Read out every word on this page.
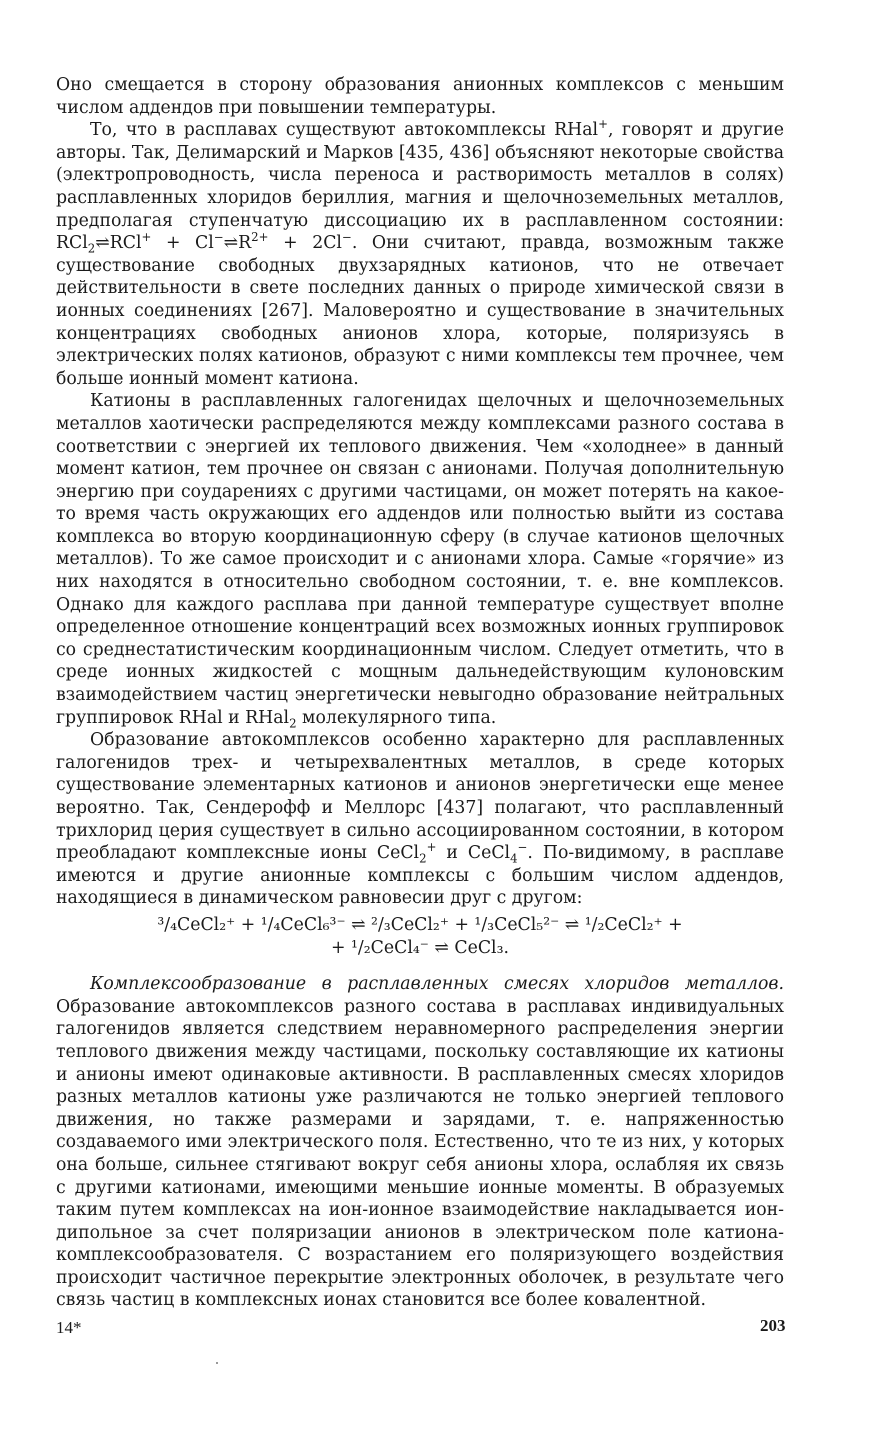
Оно смещается в сторону образования анионных комплексов с меньшим числом аддендов при повышении температуры.

То, что в расплавах существуют автокомплексы RHal+, говорят и другие авторы. Так, Делимарский и Марков [435, 436] объясняют некоторые свойства (электропроводность, числа переноса и растворимость металлов в солях) расплавленных хлоридов бериллия, магния и щелочноземельных металлов, предполагая ступенчатую диссоциацию их в расплавленном состоянии: RCl$_2$⇌RCl+ + $Cl^-\rightleftharpoons R^{2+} + 2Cl^-$. Они считают, правда, возможным также существование свободных двухзарядных катионов, что не отвечает действительности в свете последних данных о природе химической связи в ионных соединениях [267]. Маловероятно и существование в значительных концентрациях свободных анионов хлора, которые, поляризуясь в электрических полях катионов, образуют с ними комплексы тем прочнее, чем больше ионный момент катиона.

Катионы в расплавленных галогенидах щелочных и щелочноземельных металлов хаотически распределяются между комплексами разного состава в соответствии с энергией их теплового движения. Чем «холоднее» в данный момент катион, тем прочнее он связан с анионами. Получая дополнительную энергию при соударениях с другими частицами, он может потерять на какое-то время часть окружающих его аддендов или полностью выйти из состава комплекса во вторую координационную сферу (в случае катионов щелочных металлов). То же самое происходит и с анионами хлора. Самые «горячие» из них находятся в относительно свободном состоянии, т. е. вне комплексов. Однако для каждого расплава при данной температуре существует вполне определенное отношение концентраций всех возможных ионных группировок со среднестатистическим координационным числом. Следует отметить, что в среде ионных жидкостей с мощным дальнедействующим кулоновским взаимодействием частиц энергетически невыгодно образование нейтральных группировок RHal и RHal$_2$ молекулярного типа.

Образование автокомплексов особенно характерно для расплавленных галогенидов трех- и четырехвалентных металлов, в среде которых существование элементарных катионов и анионов энергетически еще менее вероятно. Так, Сендерофф и Меллорс [437] полагают, что расплавленный трихлорид церия существует в сильно ассоциированном состоянии, в котором преобладают комплексные ионы CeCl$_2$+ и CeCl$_4$−. По-видимому, в расплаве имеются и другие анионные комплексы с большим числом аддендов, находящиеся в динамическом равновесии друг с другом:

³/₄CeCl₂⁺ + ¹/₄CeCl₆³⁻ ⇌ ²/₃CeCl₂⁺ + ¹/₃CeCl₅²⁻ ⇌ ¹/₂CeCl₂⁺ +
+ ¹/₂CeCl₄⁻ ⇌ CeCl₃.

Комплексообразование в расплавленных смесях хлоридов металлов. Образование автокомплексов разного состава в расплавах индивидуальных галогенидов является следствием неравномерного распределения энергии теплового движения между частицами, поскольку составляющие их катионы и анионы имеют одинаковые активности. В расплавленных смесях хлоридов разных металлов катионы уже различаются не только энергией теплового движения, но также размерами и зарядами, т. е. напряженностью создаваемого ими электрического поля. Естественно, что те из них, у которых она больше, сильнее стягивают вокруг себя анионы хлора, ослабляя их связь с другими катионами, имеющими меньшие ионные моменты. В образуемых таким путем комплексах на ион-ионное взаимодействие накладывается ион-дипольное за счет поляризации анионов в электрическом поле катиона-комплексообразователя. С возрастанием его поляризующего воздействия происходит частичное перекрытие электронных оболочек, в результате чего связь частиц в комплексных ионах становится все более ковалентной.

14*	203
